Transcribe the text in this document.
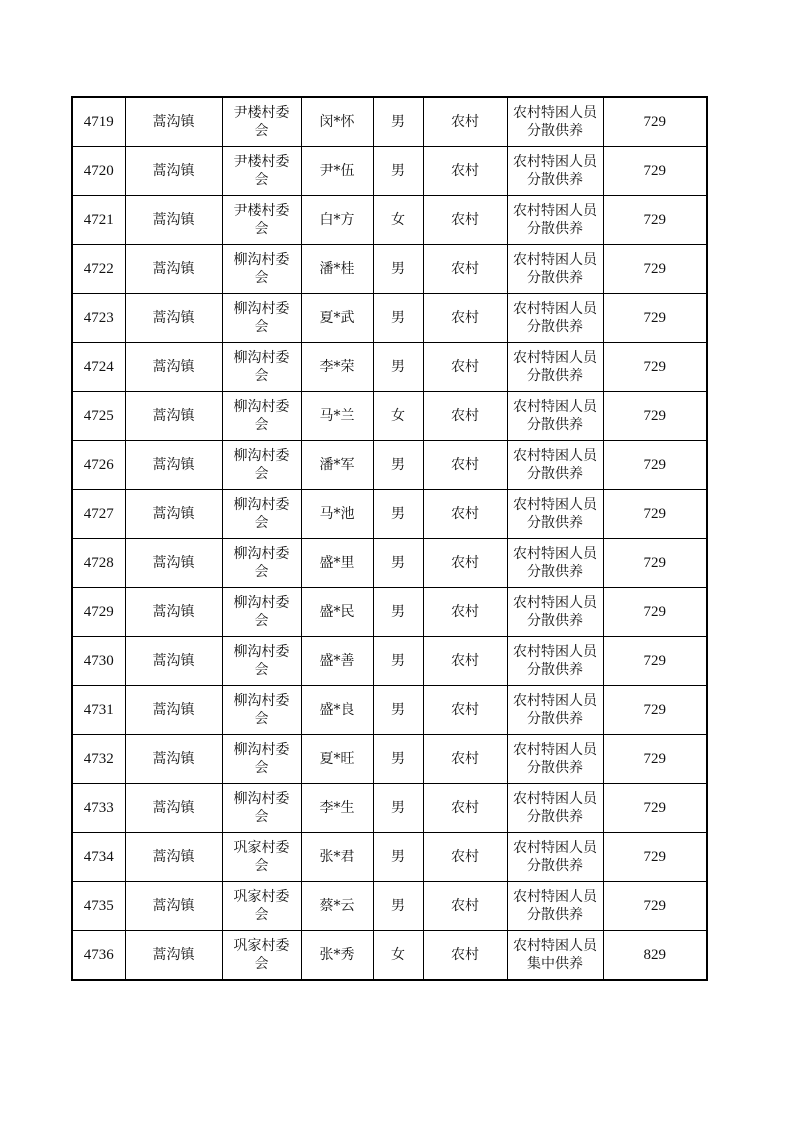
4719	蒿沟镇	尹楼村委
会	闵*怀	男	农村	农村特困人员
分散供养	729
4720	蒿沟镇	尹楼村委
会	尹*伍	男	农村	农村特困人员
分散供养	729
4721	蒿沟镇	尹楼村委
会	白*方	女	农村	农村特困人员
分散供养	729
4722	蒿沟镇	柳沟村委
会	潘*桂	男	农村	农村特困人员
分散供养	729
4723	蒿沟镇	柳沟村委
会	夏*武	男	农村	农村特困人员
分散供养	729
4724	蒿沟镇	柳沟村委
会	李*荣	男	农村	农村特困人员
分散供养	729
4725	蒿沟镇	柳沟村委
会	马*兰	女	农村	农村特困人员
分散供养	729
4726	蒿沟镇	柳沟村委
会	潘*军	男	农村	农村特困人员
分散供养	729
4727	蒿沟镇	柳沟村委
会	马*池	男	农村	农村特困人员
分散供养	729
4728	蒿沟镇	柳沟村委
会	盛*里	男	农村	农村特困人员
分散供养	729
4729	蒿沟镇	柳沟村委
会	盛*民	男	农村	农村特困人员
分散供养	729
4730	蒿沟镇	柳沟村委
会	盛*善	男	农村	农村特困人员
分散供养	729
4731	蒿沟镇	柳沟村委
会	盛*良	男	农村	农村特困人员
分散供养	729
4732	蒿沟镇	柳沟村委
会	夏*旺	男	农村	农村特困人员
分散供养	729
4733	蒿沟镇	柳沟村委
会	李*生	男	农村	农村特困人员
分散供养	729
4734	蒿沟镇	巩家村委
会	张*君	男	农村	农村特困人员
分散供养	729
4735	蒿沟镇	巩家村委
会	蔡*云	男	农村	农村特困人员
分散供养	729
4736	蒿沟镇	巩家村委
会	张*秀	女	农村	农村特困人员
集中供养	829
